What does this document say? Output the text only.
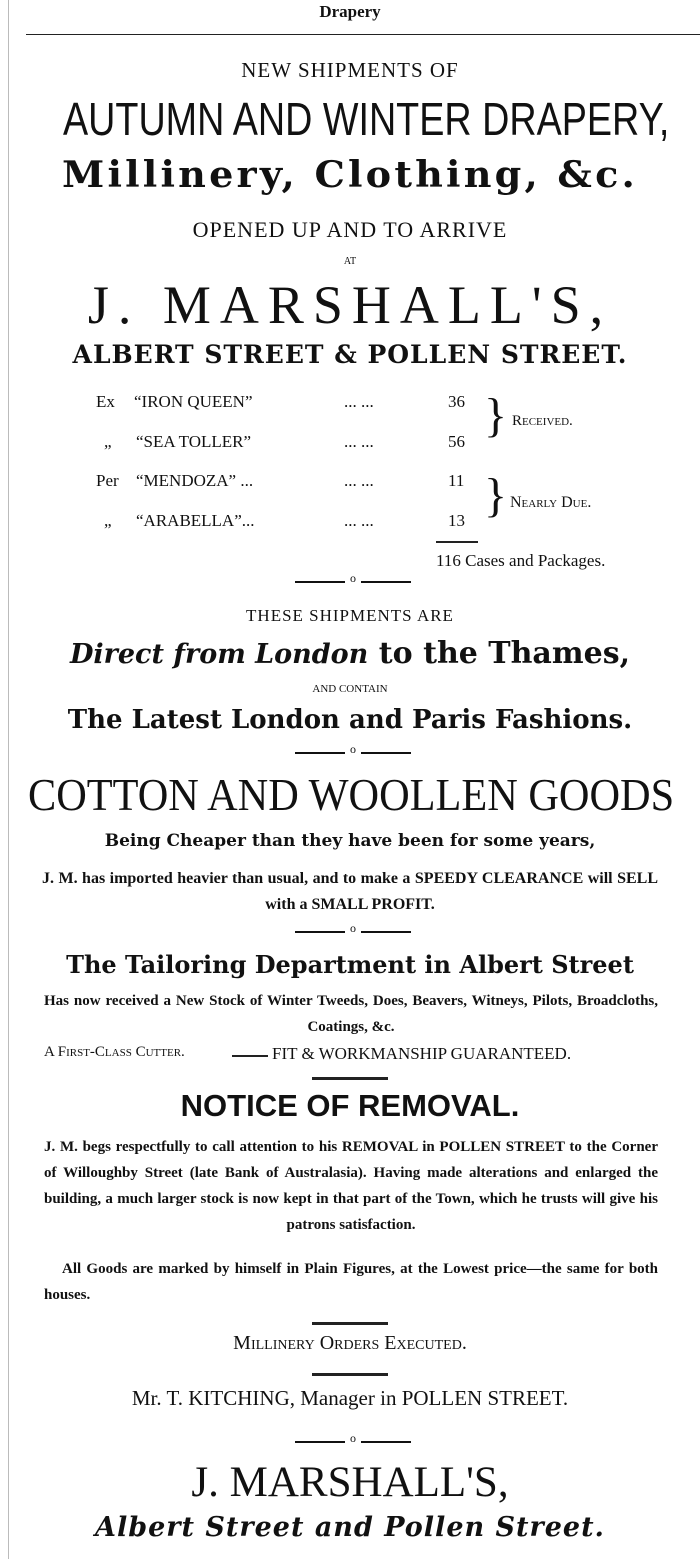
Drapery
NEW SHIPMENTS OF
AUTUMN AND WINTER DRAPERY,
Millinery, Clothing, &c.
OPENED UP AND TO ARRIVE
AT
J. MARSHALL'S,
ALBERT STREET & POLLEN STREET.
Ex “IRON QUEEN”	... ...	36
„ “SEA TOLLER”	... ...	56
Per “MENDOZA” ...	... ...	11
„ “ARABELLA”...	... ...	13
} Received.
} Nearly Due.
116 Cases and Packages.
o
THESE SHIPMENTS ARE
Direct from London to the Thames,
AND CONTAIN
The Latest London and Paris Fashions.
o
COTTON AND WOOLLEN GOODS
Being Cheaper than they have been for some years,
J. M. has imported heavier than usual, and to make a SPEEDY CLEARANCE will SELL with a SMALL PROFIT.
o
The Tailoring Department in Albert Street
Has now received a New Stock of Winter Tweeds, Does, Beavers, Witneys, Pilots, Broadcloths, Coatings, &c.
A First-Class Cutter.	FIT & WORKMANSHIP GUARANTEED.
NOTICE OF REMOVAL.
J. M. begs respectfully to call attention to his REMOVAL in POLLEN STREET to the Corner of Willoughby Street (late Bank of Australasia). Having made alterations and enlarged the building, a much larger stock is now kept in that part of the Town, which he trusts will give his patrons satisfaction.
All Goods are marked by himself in Plain Figures, at the Lowest price—the same for both houses.
Millinery Orders Executed.
Mr. T. KITCHING, Manager in POLLEN STREET.
o
J. MARSHALL'S,
Albert Street and Pollen Street.
